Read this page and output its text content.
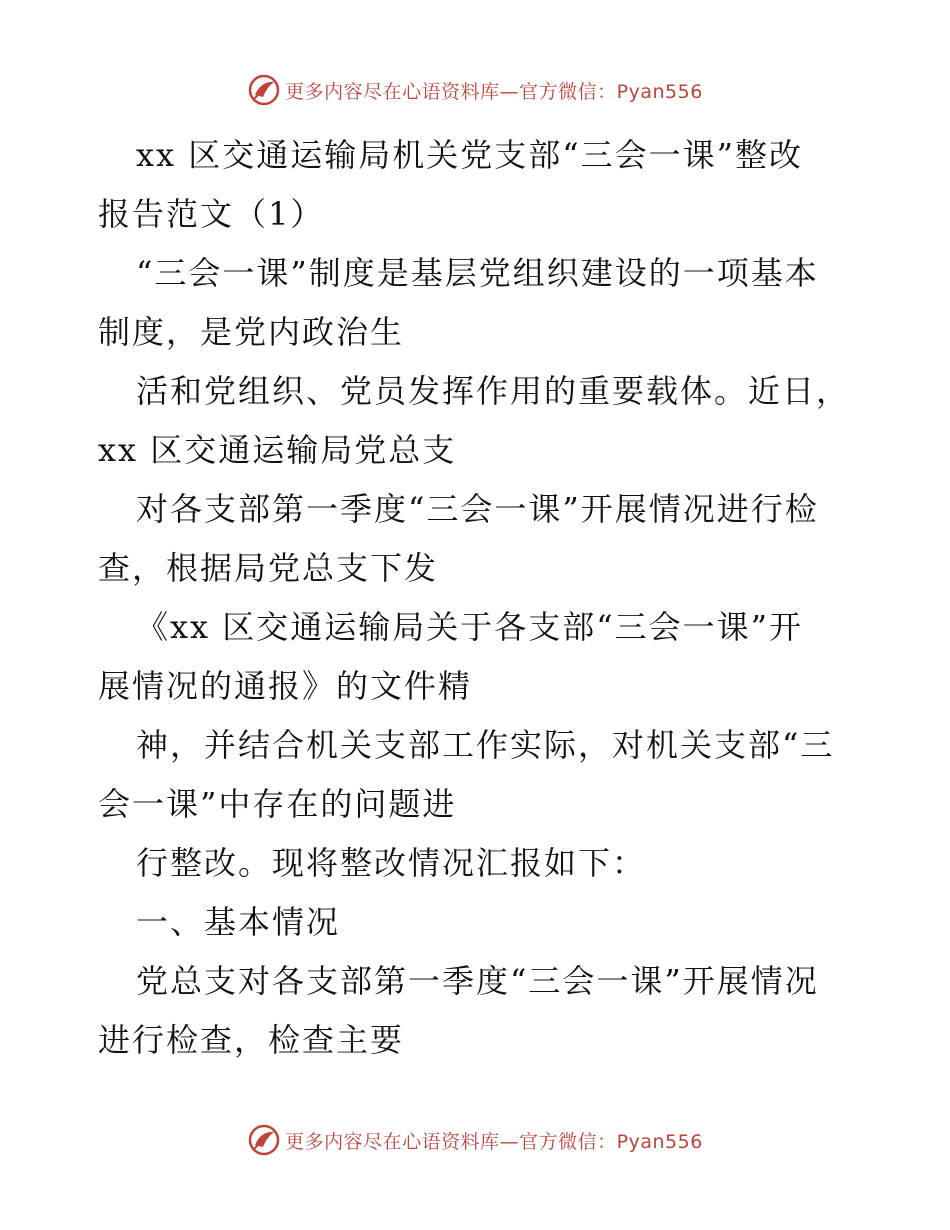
更多内容尽在心语资料库—官方微信：Pyan556
xx 区交通运输局机关党支部“三会一课”整改
报告范文（1）
“三会一课”制度是基层党组织建设的一项基本
制度，是党内政治生
活和党组织、党员发挥作用的重要载体。近日，
xx 区交通运输局党总支
对各支部第一季度“三会一课”开展情况进行检
查，根据局党总支下发
《xx 区交通运输局关于各支部“三会一课”开
展情况的通报》的文件精
神，并结合机关支部工作实际，对机关支部“三
会一课”中存在的问题进
行整改。现将整改情况汇报如下：
一、基本情况
党总支对各支部第一季度“三会一课”开展情况
进行检查，检查主要
更多内容尽在心语资料库—官方微信：Pyan556
